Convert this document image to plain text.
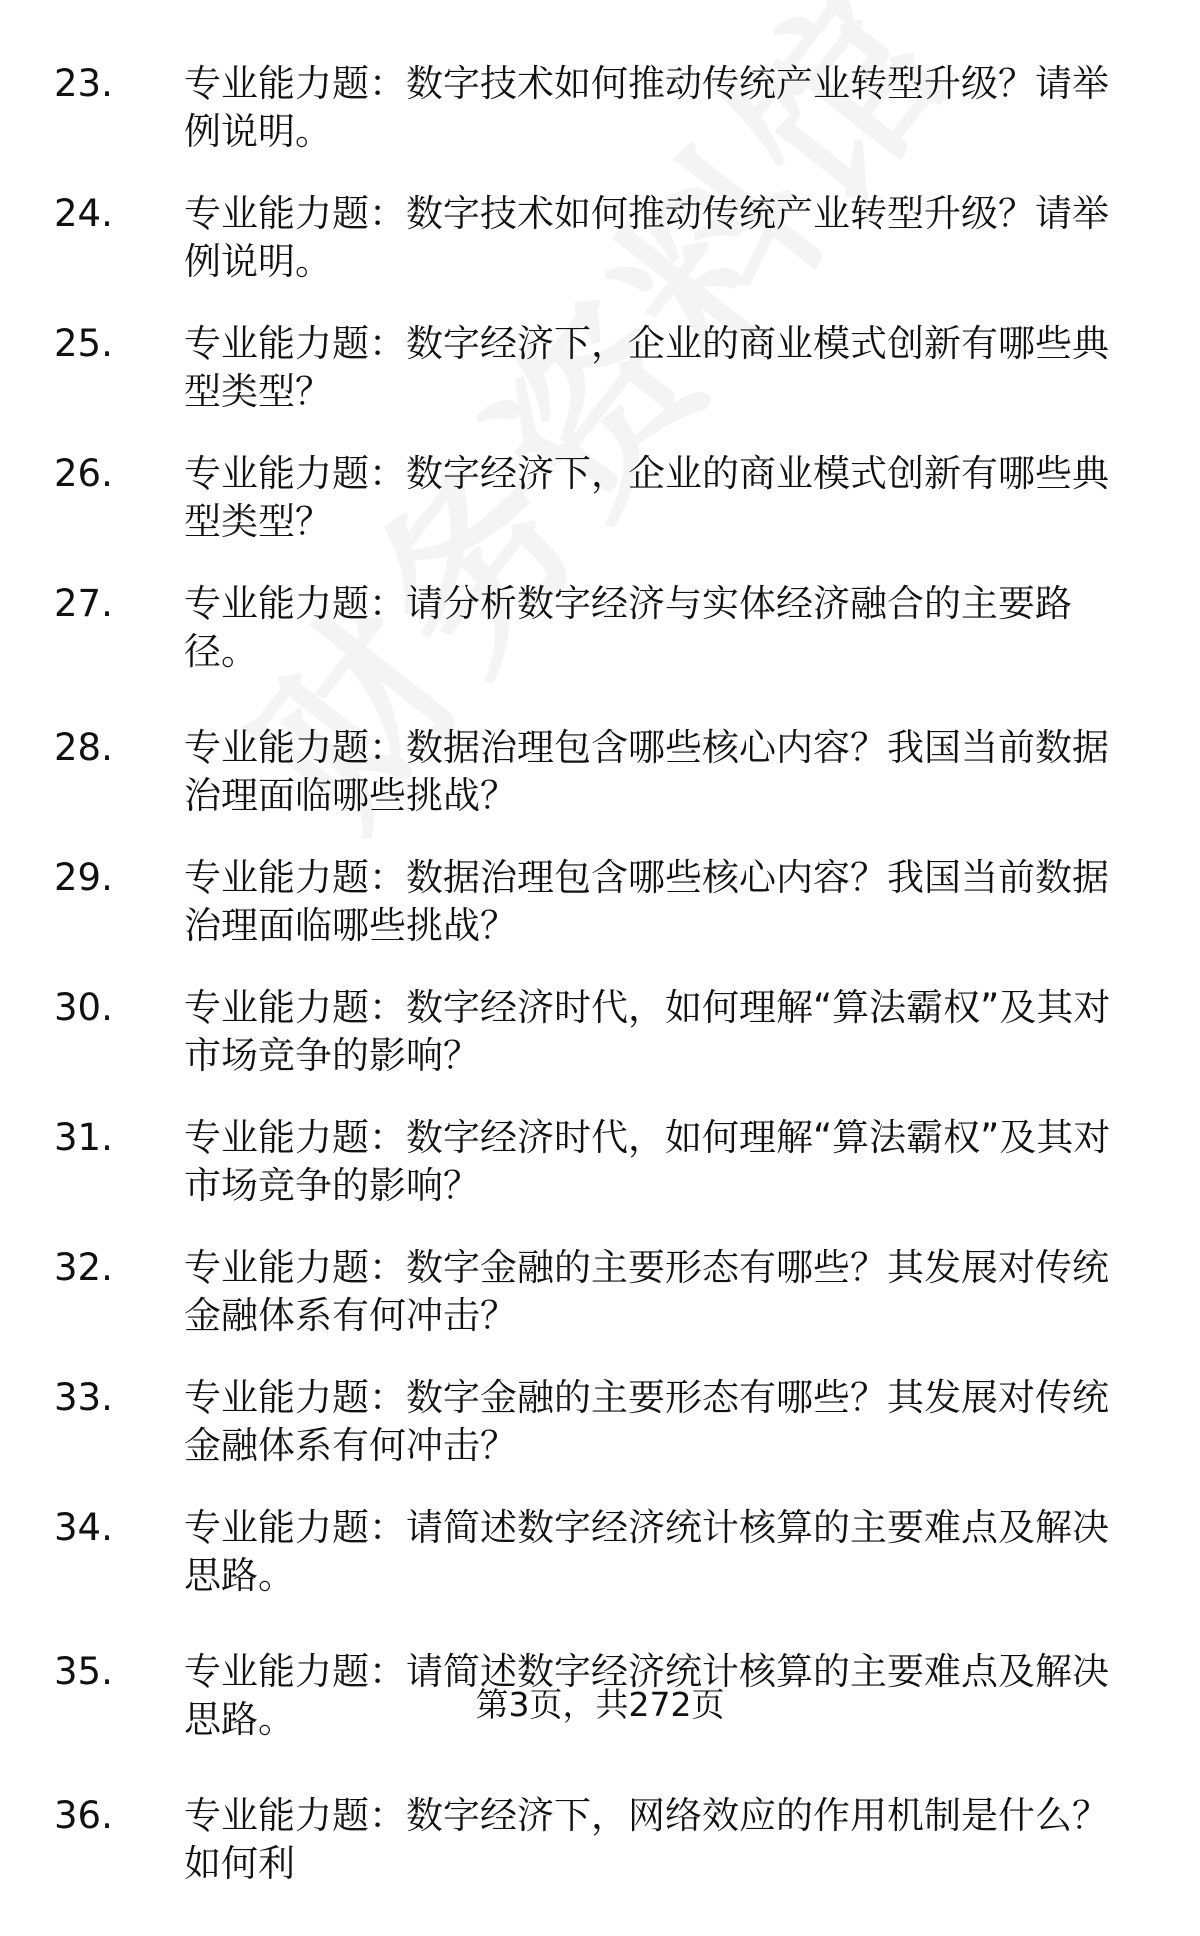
23.	专业能力题：数字技术如何推动传统产业转型升级？请举例说明。
24.	专业能力题：数字技术如何推动传统产业转型升级？请举例说明。
25.	专业能力题：数字经济下，企业的商业模式创新有哪些典型类型？
26.	专业能力题：数字经济下，企业的商业模式创新有哪些典型类型？
27.	专业能力题：请分析数字经济与实体经济融合的主要路径。
28.	专业能力题：数据治理包含哪些核心内容？我国当前数据治理面临哪些挑战？
29.	专业能力题：数据治理包含哪些核心内容？我国当前数据治理面临哪些挑战？
30.	专业能力题：数字经济时代，如何理解“算法霸权”及其对市场竞争的影响？
31.	专业能力题：数字经济时代，如何理解“算法霸权”及其对市场竞争的影响？
32.	专业能力题：数字金融的主要形态有哪些？其发展对传统金融体系有何冲击？
33.	专业能力题：数字金融的主要形态有哪些？其发展对传统金融体系有何冲击？
34.	专业能力题：请简述数字经济统计核算的主要难点及解决思路。
35.	专业能力题：请简述数字经济统计核算的主要难点及解决思路。
36.	专业能力题：数字经济下，网络效应的作用机制是什么？如何利
第3页，共272页
